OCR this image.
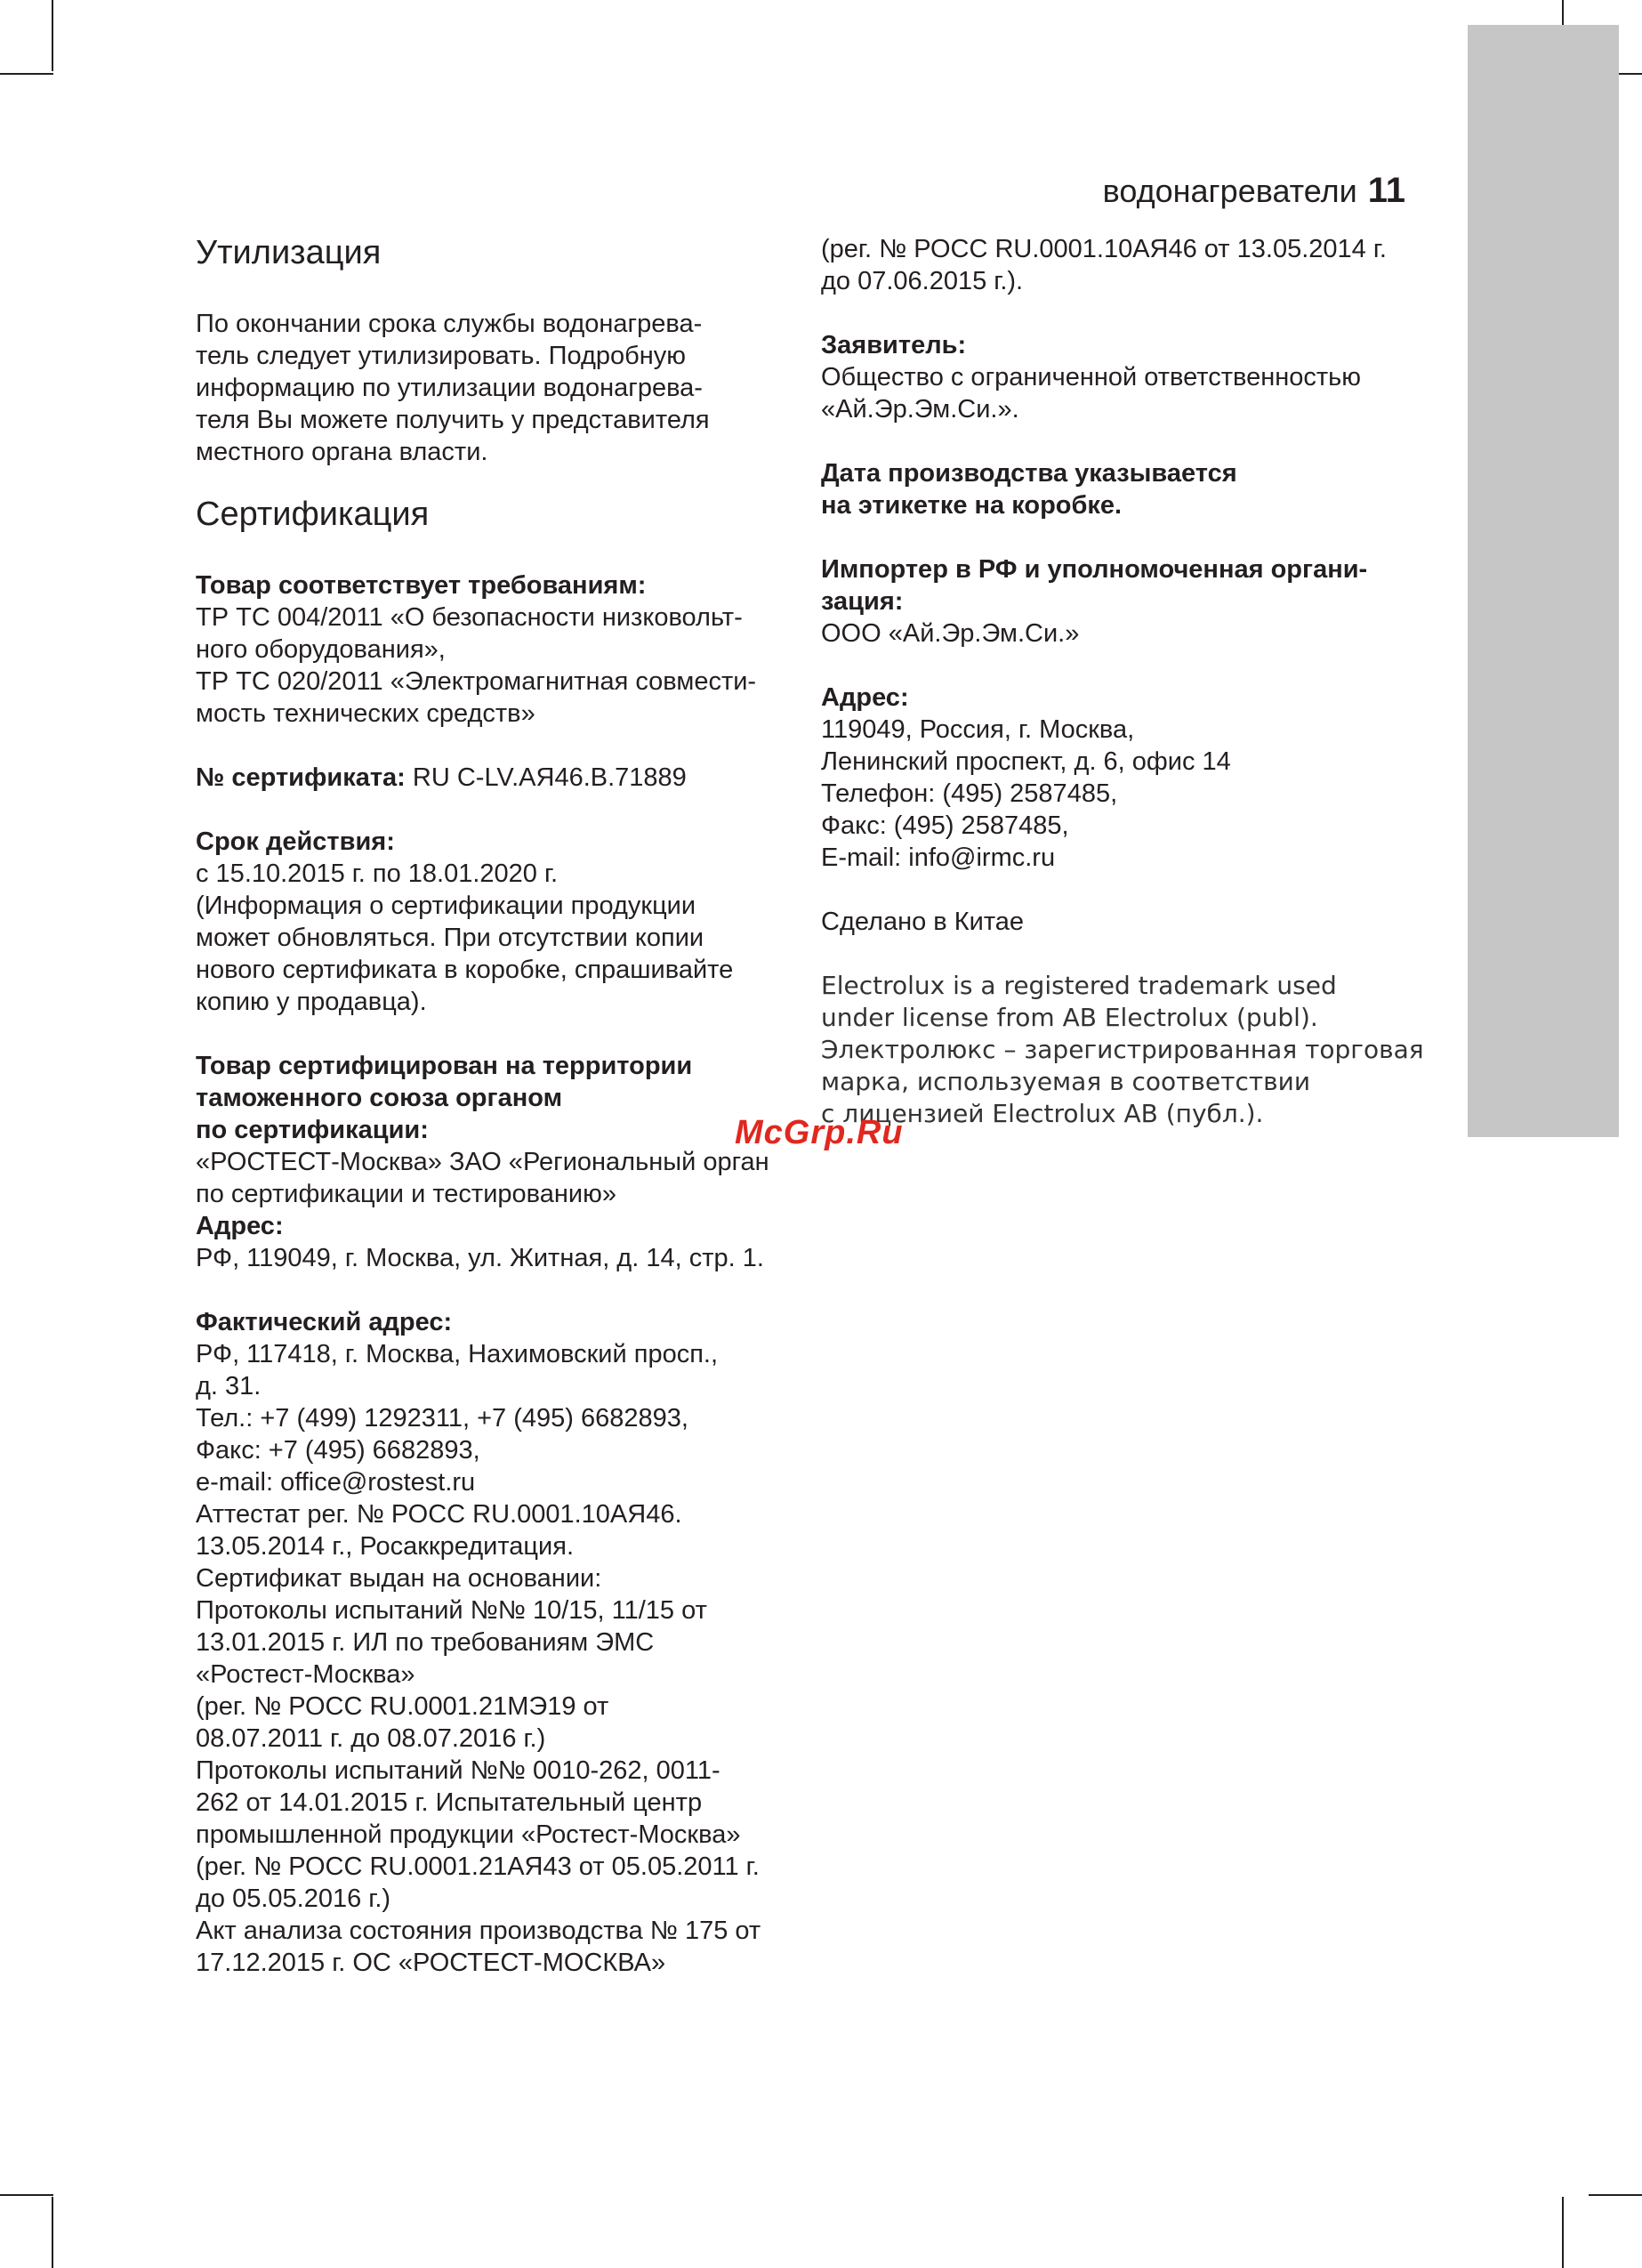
водонагреватели 11
Утилизация

По окончании срока службы водонагрева-

тель следует утилизировать. Подробную

информацию по утилизации водонагрева-

теля Вы можете получить у представителя

местного органа власти.

Сертификация

Товар соответствует требованиям:

ТР ТС 004/2011 «О безопасности низковольт-

ного оборудования»,

ТР ТС 020/2011 «Электромагнитная совмести-

мость технических средств»

№ сертификата: RU C-LV.АЯ46.В.71889

Срок действия:

с 15.10.2015 г. по 18.01.2020 г.

(Информация о сертификации продукции

может обновляться. При отсутствии копии

нового сертификата в коробке, спрашивайте

копию у продавца).

Товар сертифицирован на территории

таможенного союза органом

по сертификации:

«РОСТЕСТ-Москва» ЗАО «Региональный орган

по сертификации и тестированию»

Адрес:

РФ, 119049, г. Москва, ул. Житная, д. 14, стр. 1.

Фактический адрес:

РФ, 117418, г. Москва, Нахимовский просп.,

д. 31.

Тел.: +7 (499) 1292311, +7 (495) 6682893,

Факс: +7 (495) 6682893,

e-mail: office@rostest.ru

Аттестат рег. № РОСС RU.0001.10АЯ46.

13.05.2014 г., Росаккредитация.

Сертификат выдан на основании:

Протоколы испытаний №№ 10/15, 11/15 от

13.01.2015 г. ИЛ по требованиям ЭМС

«Ростест-Москва»

(рег. № РОСС RU.0001.21МЭ19 от

08.07.2011 г. до 08.07.2016 г.)

Протоколы испытаний №№ 0010-262, 0011-

262 от 14.01.2015 г. Испытательный центр

промышленной продукции «Ростест-Москва»

(рег. № РОСС RU.0001.21АЯ43 от 05.05.2011 г.

до 05.05.2016 г.)

Акт анализа состояния производства № 175 от

17.12.2015 г. ОС «РОСТЕСТ-МОСКВА»

(рег. № РОСС RU.0001.10АЯ46 от 13.05.2014 г.

до 07.06.2015 г.).

Заявитель:

Общество с ограниченной ответственностью

«Ай.Эр.Эм.Си.».

Дата производства указывается

на этикетке на коробке.

Импортер в РФ и уполномоченная органи-

зация:

ООО «Ай.Эр.Эм.Си.»

Адрес:

119049, Россия, г. Москва,

Ленинский проспект, д. 6, офис 14

Телефон: (495) 2587485,

Факс: (495) 2587485,

E-mail: info@irmc.ru

Сделано в Китае

Electrolux is a registered trademark used

under license from AB Electrolux (publ).

Электролюкс – зарегистрированная торговая

марка, используемая в соответствии

с лицензией Electrolux AB (публ.).

McGrp.Ru
